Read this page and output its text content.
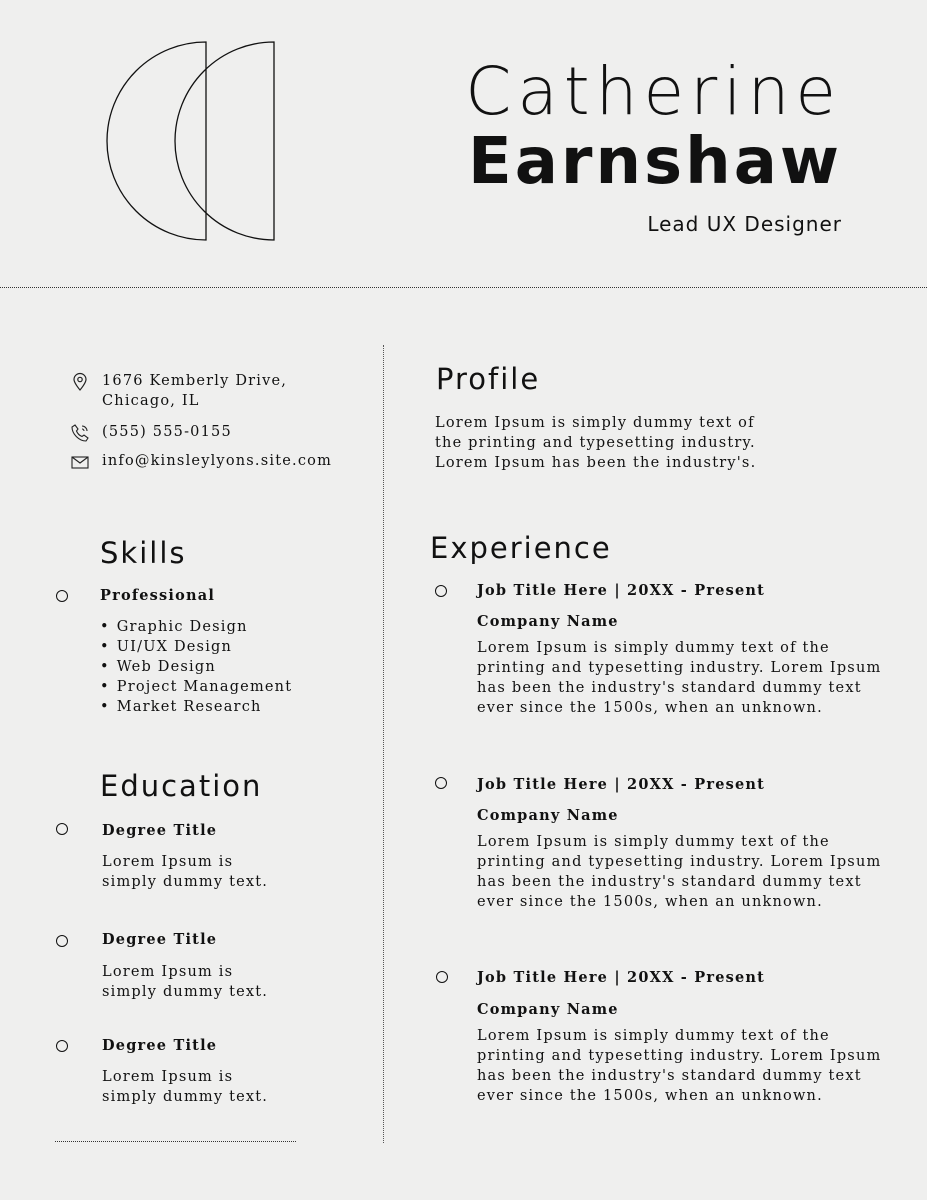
Catherine
Earnshaw
Lead UX Designer
1676 Kemberly Drive,
Chicago, IL
(555) 555-0155
info@kinsleylyons.site.com
Skills
Professional
• Graphic Design
• UI/UX Design
• Web Design
• Project Management
• Market Research
Education
Degree Title
Lorem Ipsum is
simply dummy text.
Degree Title
Lorem Ipsum is
simply dummy text.
Degree Title
Lorem Ipsum is
simply dummy text.
Profile
Lorem Ipsum is simply dummy text of
the printing and typesetting industry.
Lorem Ipsum has been the industry's.
Experience
Job Title Here | 20XX - Present
Company Name
Lorem Ipsum is simply dummy text of the
printing and typesetting industry. Lorem Ipsum
has been the industry's standard dummy text
ever since the 1500s, when an unknown.
Job Title Here | 20XX - Present
Company Name
Lorem Ipsum is simply dummy text of the
printing and typesetting industry. Lorem Ipsum
has been the industry's standard dummy text
ever since the 1500s, when an unknown.
Job Title Here | 20XX - Present
Company Name
Lorem Ipsum is simply dummy text of the
printing and typesetting industry. Lorem Ipsum
has been the industry's standard dummy text
ever since the 1500s, when an unknown.
